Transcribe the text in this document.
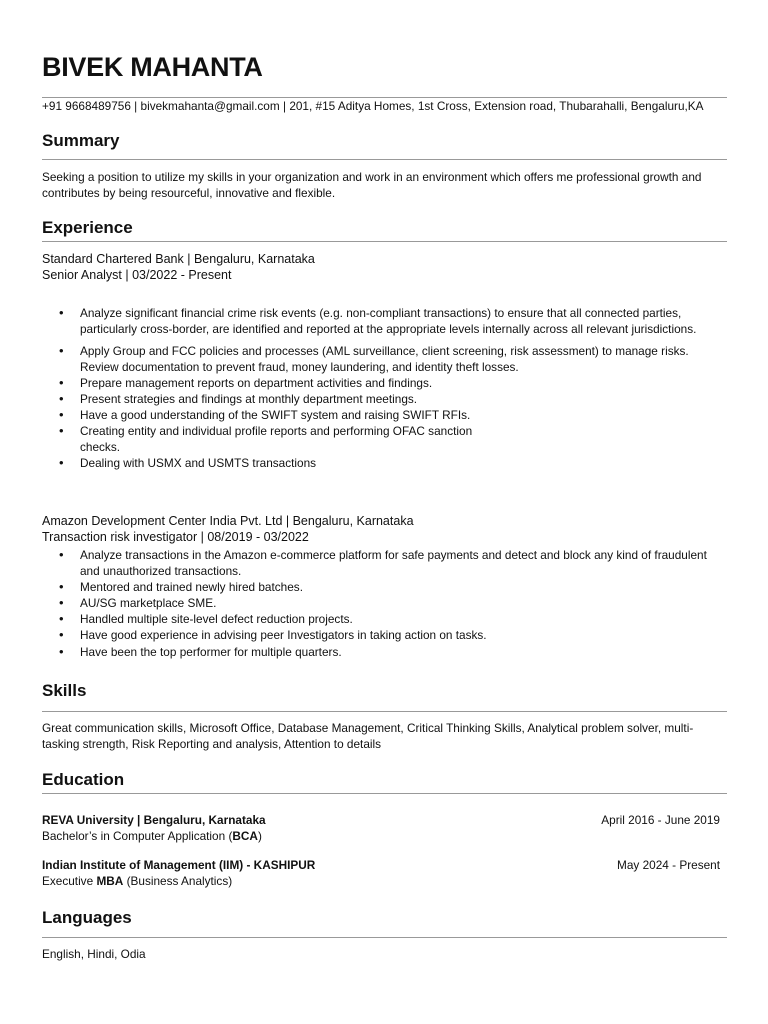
BIVEK MAHANTA
+91 9668489756 | bivekmahanta@gmail.com | 201, #15 Aditya Homes, 1st Cross, Extension road, Thubarahalli, Bengaluru,KA
Summary
Seeking a position to utilize my skills in your organization and work in an environment which offers me professional growth and contributes by being resourceful, innovative and flexible.
Experience
Standard Chartered Bank | Bengaluru, Karnataka
Senior Analyst | 03/2022 - Present
• Analyze significant financial crime risk events (e.g. non-compliant transactions) to ensure that all connected parties, particularly cross-border, are identified and reported at the appropriate levels internally across all relevant jurisdictions.
• Apply Group and FCC policies and processes (AML surveillance, client screening, risk assessment) to manage risks. Review documentation to prevent fraud, money laundering, and identity theft losses.
• Prepare management reports on department activities and findings.
• Present strategies and findings at monthly department meetings.
• Have a good understanding of the SWIFT system and raising SWIFT RFIs.
• Creating entity and individual profile reports and performing OFAC sanction checks.
• Dealing with USMX and USMTS transactions
Amazon Development Center India Pvt. Ltd | Bengaluru, Karnataka
Transaction risk investigator | 08/2019 - 03/2022
• Analyze transactions in the Amazon e-commerce platform for safe payments and detect and block any kind of fraudulent and unauthorized transactions.
• Mentored and trained newly hired batches.
• AU/SG marketplace SME.
• Handled multiple site-level defect reduction projects.
• Have good experience in advising peer Investigators in taking action on tasks.
• Have been the top performer for multiple quarters.
Skills
Great communication skills, Microsoft Office, Database Management, Critical Thinking Skills, Analytical problem solver, multi-tasking strength, Risk Reporting and analysis, Attention to details
Education
REVA University | Bengaluru, Karnataka
Bachelor’s in Computer Application (BCA)
April 2016 - June 2019
Indian Institute of Management (IIM) - KASHIPUR
Executive MBA (Business Analytics)
May 2024 - Present
Languages
English, Hindi, Odia
